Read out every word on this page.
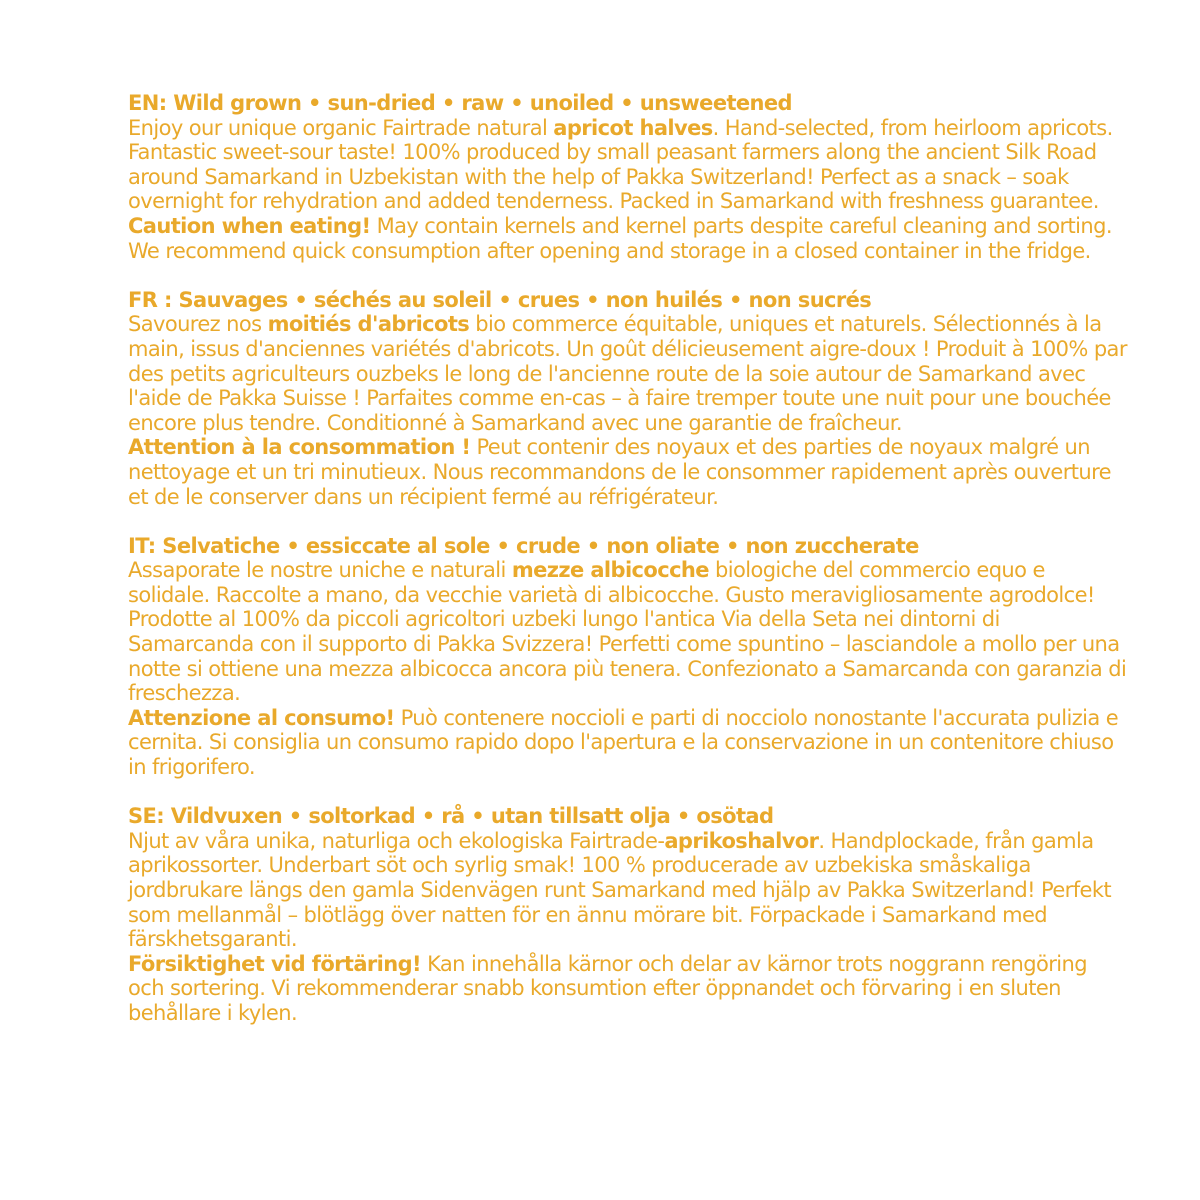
EN: Wild grown • sun-dried • raw • unoiled • unsweetened

Enjoy our unique organic Fairtrade natural apricot halves. Hand-selected, from heirloom apricots. Fantastic sweet-sour taste! 100% produced by small peasant farmers along the ancient Silk Road around Samarkand in Uzbekistan with the help of Pakka Switzerland! Perfect as a snack – soak overnight for rehydration and added tenderness. Packed in Samarkand with freshness guarantee.

Caution when eating! May contain kernels and kernel parts despite careful cleaning and sorting. We recommend quick consumption after opening and storage in a closed container in the fridge.

FR : Sauvages • séchés au soleil • crues • non huilés • non sucrés

Savourez nos moitiés d'abricots bio commerce équitable, uniques et naturels. Sélectionnés à la main, issus d'anciennes variétés d'abricots. Un goût délicieusement aigre-doux ! Produit à 100% par des petits agriculteurs ouzbeks le long de l'ancienne route de la soie autour de Samarkand avec l'aide de Pakka Suisse ! Parfaites comme en-cas – à faire tremper toute une nuit pour une bouchée encore plus tendre. Conditionné à Samarkand avec une garantie de fraîcheur.

Attention à la consommation ! Peut contenir des noyaux et des parties de noyaux malgré un nettoyage et un tri minutieux. Nous recommandons de le consommer rapidement après ouverture et de le conserver dans un récipient fermé au réfrigérateur.

IT: Selvatiche • essiccate al sole • crude • non oliate • non zuccherate

Assaporate le nostre uniche e naturali mezze albicocche biologiche del commercio equo e solidale. Raccolte a mano, da vecchie varietà di albicocche. Gusto meravigliosamente agrodolce! Prodotte al 100% da piccoli agricoltori uzbeki lungo l'antica Via della Seta nei dintorni di Samarcanda con il supporto di Pakka Svizzera! Perfetti come spuntino – lasciandole a mollo per una notte si ottiene una mezza albicocca ancora più tenera. Confezionato a Samarcanda con garanzia di freschezza.

Attenzione al consumo! Può contenere noccioli e parti di nocciolo nonostante l'accurata pulizia e cernita. Si consiglia un consumo rapido dopo l'apertura e la conservazione in un contenitore chiuso in frigorifero.

SE: Vildvuxen • soltorkad • rå • utan tillsatt olja • osötad

Njut av våra unika, naturliga och ekologiska Fairtrade-aprikoshalvor. Handplockade, från gamla aprikossorter. Underbart söt och syrlig smak! 100 % producerade av uzbekiska småskaliga jordbrukare längs den gamla Sidenvägen runt Samarkand med hjälp av Pakka Switzerland! Perfekt som mellanmål – blötlägg över natten för en ännu mörare bit. Förpackade i Samarkand med färskhetsgaranti.

Försiktighet vid förtäring! Kan innehålla kärnor och delar av kärnor trots noggrann rengöring och sortering. Vi rekommenderar snabb konsumtion efter öppnandet och förvaring i en sluten behållare i kylen.
